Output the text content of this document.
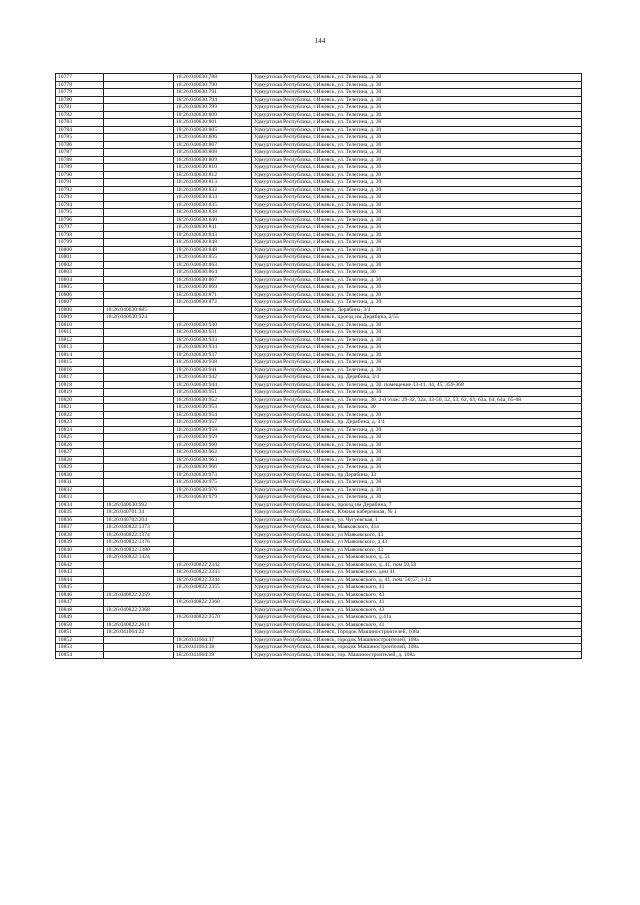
144
10777		18:26:040630:788	Удмуртская Республика, г.Ижевск, ул. Телегина, д. 30
10778		18:26:040630:790	Удмуртская Республика, г.Ижевск, ул. Телегина, д. 30
10779		18:26:040630:791	Удмуртская Республика, г.Ижевск, ул. Телегина, д. 30
10780		18:26:040630:794	Удмуртская Республика, г.Ижевск, ул. Телегина, д. 30
10781		18:26:040630:799	Удмуртская Республика, г.Ижевск, ул. Телегина, д. 30
10782		18:26:040630:800	Удмуртская Республика, г.Ижевск, ул. Телегина, д. 30
10783		18:26:040630:801	Удмуртская Республика, г.Ижевск, ул. Телегина, д. 30
10784		18:26:040630:805	Удмуртская Республика, г.Ижевск, ул. Телегина, д. 30
10785		18:26:040630:806	Удмуртская Республика, г.Ижевск, ул. Телегина, д. 30
10786		18:26:040630:807	Удмуртская Республика, г.Ижевск, ул. Телегина, д. 30
10787		18:26:040630:808	Удмуртская Республика, г.Ижевск, ул. Телегина, д. 30
10788		18:26:040630:809	Удмуртская Республика, г.Ижевск, ул. Телегина, д. 30
10789		18:26:040630:810	Удмуртская Республика, г.Ижевск, ул. Телегина, д. 30
10790		18:26:040630:812	Удмуртская Республика, г.Ижевск, ул. Телегина, д. 30
10791		18:26:040630:813	Удмуртская Республика, г.Ижевск, ул. Телегина, д. 30
10792		18:26:040630:832	Удмуртская Республика, г.Ижевск, ул. Телегина, д. 30
10793		18:26:040630:833	Удмуртская Республика, г.Ижевск, ул. Телегина, д. 30
10794		18:26:040630:835	Удмуртская Республика, г.Ижевск, ул. Телегина, д. 30
10795		18:26:040630:838	Удмуртская Республика, г.Ижевск, ул. Телегина, д. 30
10796		18:26:040630:840	Удмуртская Республика, г.Ижевск, ул. Телегина, д. 30
10797		18:26:040630:841	Удмуртская Республика, г.Ижевск, ул. Телегина, д. 30
10798		18:26:040630:843	Удмуртская Республика, г.Ижевск, ул. Телегина, д. 30
10799		18:26:040630:848	Удмуртская Республика, г.Ижевск, ул. Телегина, д. 30
10800		18:26:040630:849	Удмуртская Республика, г.Ижевск, ул. Телегина, д. 30
10801		18:26:040630:855	Удмуртская Республика, г.Ижевск, ул. Телегина, д. 30
10802		18:26:040630:863	Удмуртская Республика, г.Ижевск, ул. Телегина, д. 30
10803		18:26:040630:864	Удмуртская Республика, г.Ижевск, ул. Телегина, 30
10804		18:26:040630:867	Удмуртская Республика, г.Ижевск, ул. Телегина, д. 30
10805		18:26:040630:869	Удмуртская Республика, г.Ижевск, ул. Телегина, д. 30
10806		18:26:040630:871	Удмуртская Республика, г.Ижевск, ул. Телегина, д. 30
10807		18:26:040630:872	Удмуртская Республика, г.Ижевск, ул. Телегина, д. 30
10808	18:26:040630:885		Удмуртская Республика, г.Ижевск, Дерябина, 3/4
10809	18:26:040630:924		Удмуртская Республика, г.Ижевск, проезд им Дерябина, 2/55
10810		18:26:040630:930	Удмуртская Республика, г.Ижевск, ул. Телегина, д. 30
10811		18:26:040630:931	Удмуртская Республика, г.Ижевск, ул. Телегина, д. 30
10812		18:26:040630:933	Удмуртская Республика, г.Ижевск, ул. Телегина, д. 30
10813		18:26:040630:934	Удмуртская Республика, г.Ижевск, ул. Телегина, д. 30
10814		18:26:040630:937	Удмуртская Республика, г.Ижевск, ул. Телегина, д. 30
10815		18:26:040630:938	Удмуртская Республика, г.Ижевск, ул. Телегина, д. 30
10816		18:26:040630:941	Удмуртская Республика, г.Ижевск, ул. Телегина, д. 30
10817		18:26:040630:942	Удмуртская Республика, г.Ижевск, пр. Дерябина, 3/4
10818		18:26:040630:944	Удмуртская Республика, г.Ижевск, ул. Телегина, д. 30, помещение 33-41, 44, 45, 359-368
10819		18:26:040630:951	Удмуртская Республика, г.Ижевск, ул. Телегина, д. 30
10820		18:26:040630:952	Удмуртская Республика, г.Ижевск, ул. Телегина, 30, 2-й этаж: 29-32, 32а, 33-50, 52, 53, 62, 63, 63а, 64, 64а, 65-68
10821		18:26:040630:953	Удмуртская Республика, г.Ижевск, ул. Телегина, 30
10822		18:26:040630:954	Удмуртская Республика, г.Ижевск, ул. Телегина, д. 30
10823		18:26:040630:957	Удмуртская Республика, г.Ижевск, пр. Дерябина, д. 3/4
10824		18:26:040630:958	Удмуртская Республика, г.Ижевск, ул. Телегина, д. 30
10825		18:26:040630:959	Удмуртская Республика, г.Ижевск, ул. Телегина, д. 30
10826		18:26:040630:960	Удмуртская Республика, г.Ижевск, ул. Телегина, д. 30
10827		18:26:040630:962	Удмуртская Республика, г.Ижевск, ул. Телегина, д. 30
10828		18:26:040630:963	Удмуртская Республика, г.Ижевск, ул. Телегина, д. 30
10829		18:26:040630:966	Удмуртская Республика, г.Ижевск, ул. Телегина, д. 30
10830		18:26:040630:973	Удмуртская Республика, г.Ижевск, пр.Дерябина, 33
10831		18:26:040630:975	Удмуртская Республика, г.Ижевск, ул. Телегина, д. 30
10832		18:26:040630:976	Удмуртская Республика, г.Ижевск, ул. Телегина, д. 30
10833		18:26:040630:979	Удмуртская Республика, г.Ижевск, ул. Телегина, д. 30
10834	18:26:040630:992		Удмуртская Республика, г.Ижевск, проезд им Дерябина, 7
10835	18:26:040701:34		Удмуртская Республика, г.Ижевск, Южная набережная, № 1
10836	18:26:040702:204		Удмуртская Республика, г.Ижевск, ул. Чугуевская, 1
10837	18:26:040822:1373		Удмуртская Республика, г.Ижевск, Маяковского, 41а
10838	18:26:040822:1374		Удмуртская Республика, г.Ижевск, ул Маяковского, 43
10839	18:26:040822:1376		Удмуртская Республика, г.Ижевск, ул Маяковского, д 43
10840	18:26:040822:1380		Удмуртская Республика, г.Ижевск, ул Маяковского, 43
10841	18:26:040822:1424		Удмуртская Республика, г.Ижевск, ул. Маяковского, д. 51
10842		18:26:040822:2342	Удмуртская Республика, г.Ижевск, ул. Маяковского, д. 41, пом 50,58
10843		18:26:040822:2343	Удмуртская Республика, г.Ижевск, ул. Маяковского, дом 41
10844		18:26:040822:2344	Удмуртская Республика, г.Ижевск, ул. Маяковского, д. 41, пом. 56;57; 1-14
10845		18:26:040822:2355	Удмуртская Республика, г.Ижевск, ул. Маяковского, 41
10846	18:26:040822:2359		Удмуртская Республика, г.Ижевск, ул. Маяковского, 43
10847		18:26:040822:2360	Удмуртская Республика, г.Ижевск, ул. Маяковского, 41
10848	18:26:040822:2368		Удмуртская Республика, г.Ижевск, ул. Маяковского, 43
10849		18:26:040822:2570	Удмуртская Республика, г.Ижевск, ул. Маяковского, д.41а
10850	18:26:040822:2611		Удмуртская Республика, г.Ижевск, ул. Маяковского, 41
10851	18:26:041064:22		Удмуртская Республика, г.Ижевск, Городок Машиностроителей, 108а
10852		18:26:041064:37	Удмуртская Республика, г.Ижевск, городок Машиностроителей, 108а
10853		18:26:041064:38	Удмуртская Республика, г.Ижевск, городок Машиностроителей, 108а
10854		18:26:041064:39	Удмуртская Республика, г.Ижевск, гор. Машиностроителей, д. 108а
